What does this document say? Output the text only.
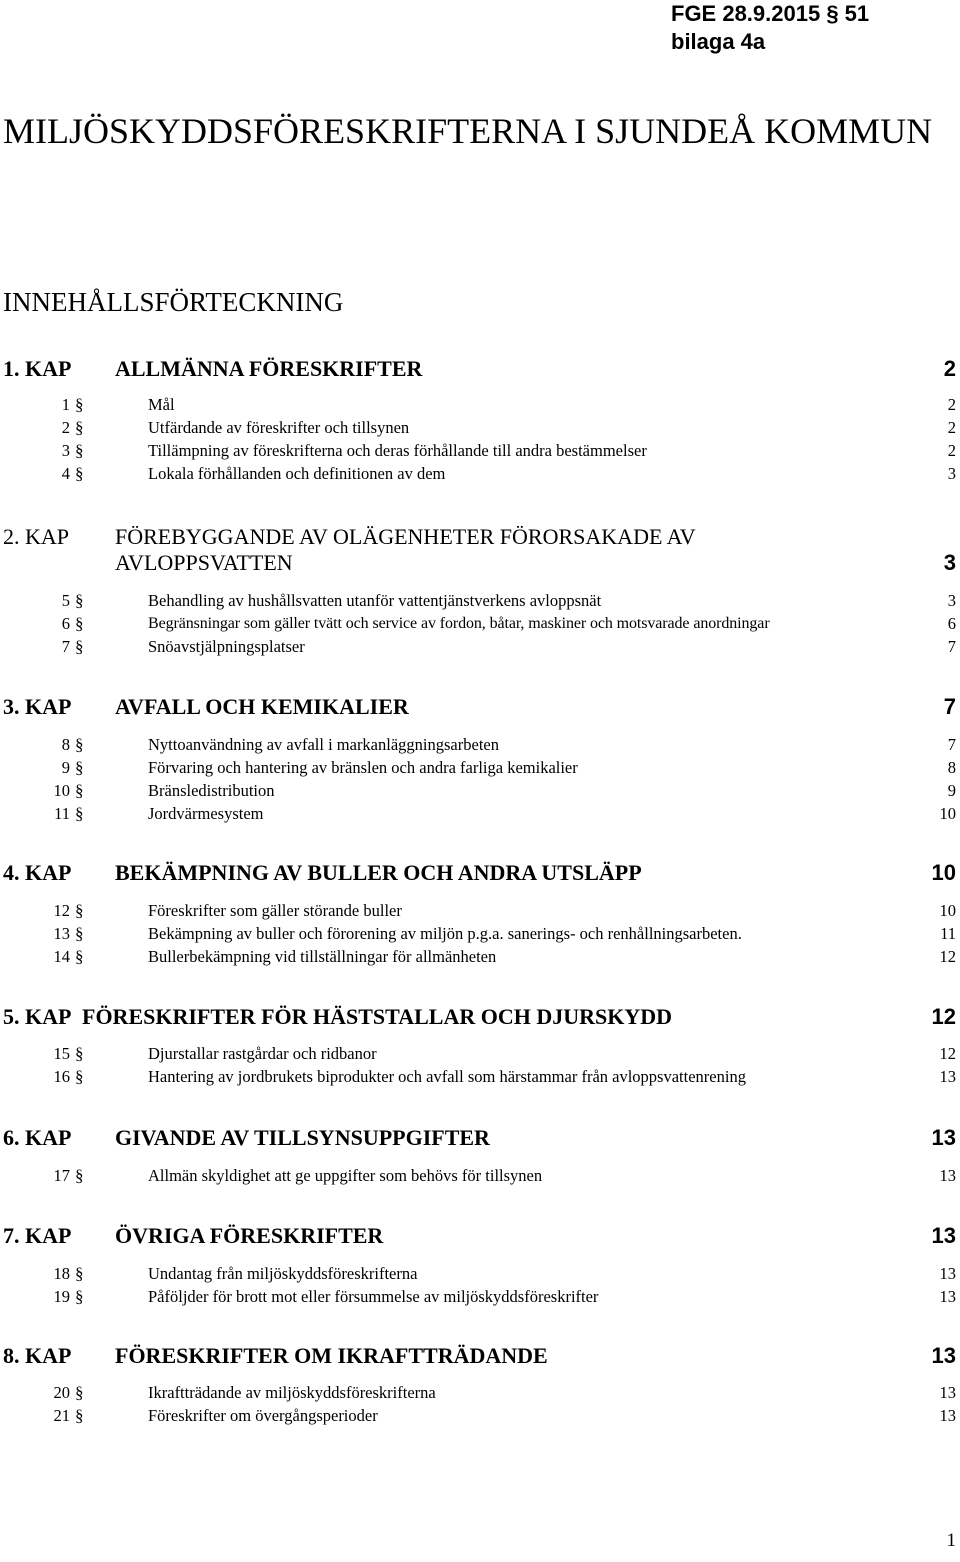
FGE 28.9.2015 § 51
bilaga 4a
MILJÖSKYDDSFÖRESKRIFTERNA I SJUNDEÅ KOMMUN
INNEHÅLLSFÖRTECKNING
1. KAP ALLMÄNNA FÖRESKRIFTER	2
1 §	Mål	2
2 §	Utfärdande av föreskrifter och tillsynen	2
3 §	Tillämpning av föreskrifterna och deras förhållande till andra bestämmelser	2
4 §	Lokala förhållanden och definitionen av dem	3
2. KAP FÖREBYGGANDE AV OLÄGENHETER FÖRORSAKADE AV AVLOPPSVATTEN	3
5 §	Behandling av hushållsvatten utanför vattentjänstverkens avloppsnät	3
6 §	Begränsningar som gäller tvätt och service av fordon, båtar, maskiner och motsvarade anordningar	6
7 §	Snöavstjälpningsplatser	7
3. KAP AVFALL OCH KEMIKALIER	7
8 §	Nyttoanvändning av avfall i markanläggningsarbeten	7
9 §	Förvaring och hantering av bränslen och andra farliga kemikalier	8
10 §	Bränsledistribution	9
11 §	Jordvärmesystem	10
4. KAP BEKÄMPNING AV BULLER OCH ANDRA UTSLÄPP	10
12 §	Föreskrifter som gäller störande buller	10
13 §	Bekämpning av buller och förorening av miljön p.g.a. sanerings- och renhållningsarbeten.	11
14 §	Bullerbekämpning vid tillställningar för allmänheten	12
5. KAP FÖRESKRIFTER FÖR HÄSTSTALLAR OCH DJURSKYDD	12
15 §	Djurstallar rastgårdar och ridbanor	12
16 §	Hantering av jordbrukets biprodukter och avfall som härstammar från avloppsvattenrening	13
6. KAP GIVANDE AV TILLSYNSUPPGIFTER	13
17 §	Allmän skyldighet att ge uppgifter som behövs för tillsynen	13
7. KAP ÖVRIGA FÖRESKRIFTER	13
18 §	Undantag från miljöskyddsföreskrifterna	13
19 §	Påföljder för brott mot eller försummelse av miljöskyddsföreskrifter	13
8. KAP FÖRESKRIFTER OM IKRAFTTRÄDANDE	13
20 §	Ikraftträdande av miljöskyddsföreskrifterna	13
21 §	Föreskrifter om övergångsperioder	13
1
